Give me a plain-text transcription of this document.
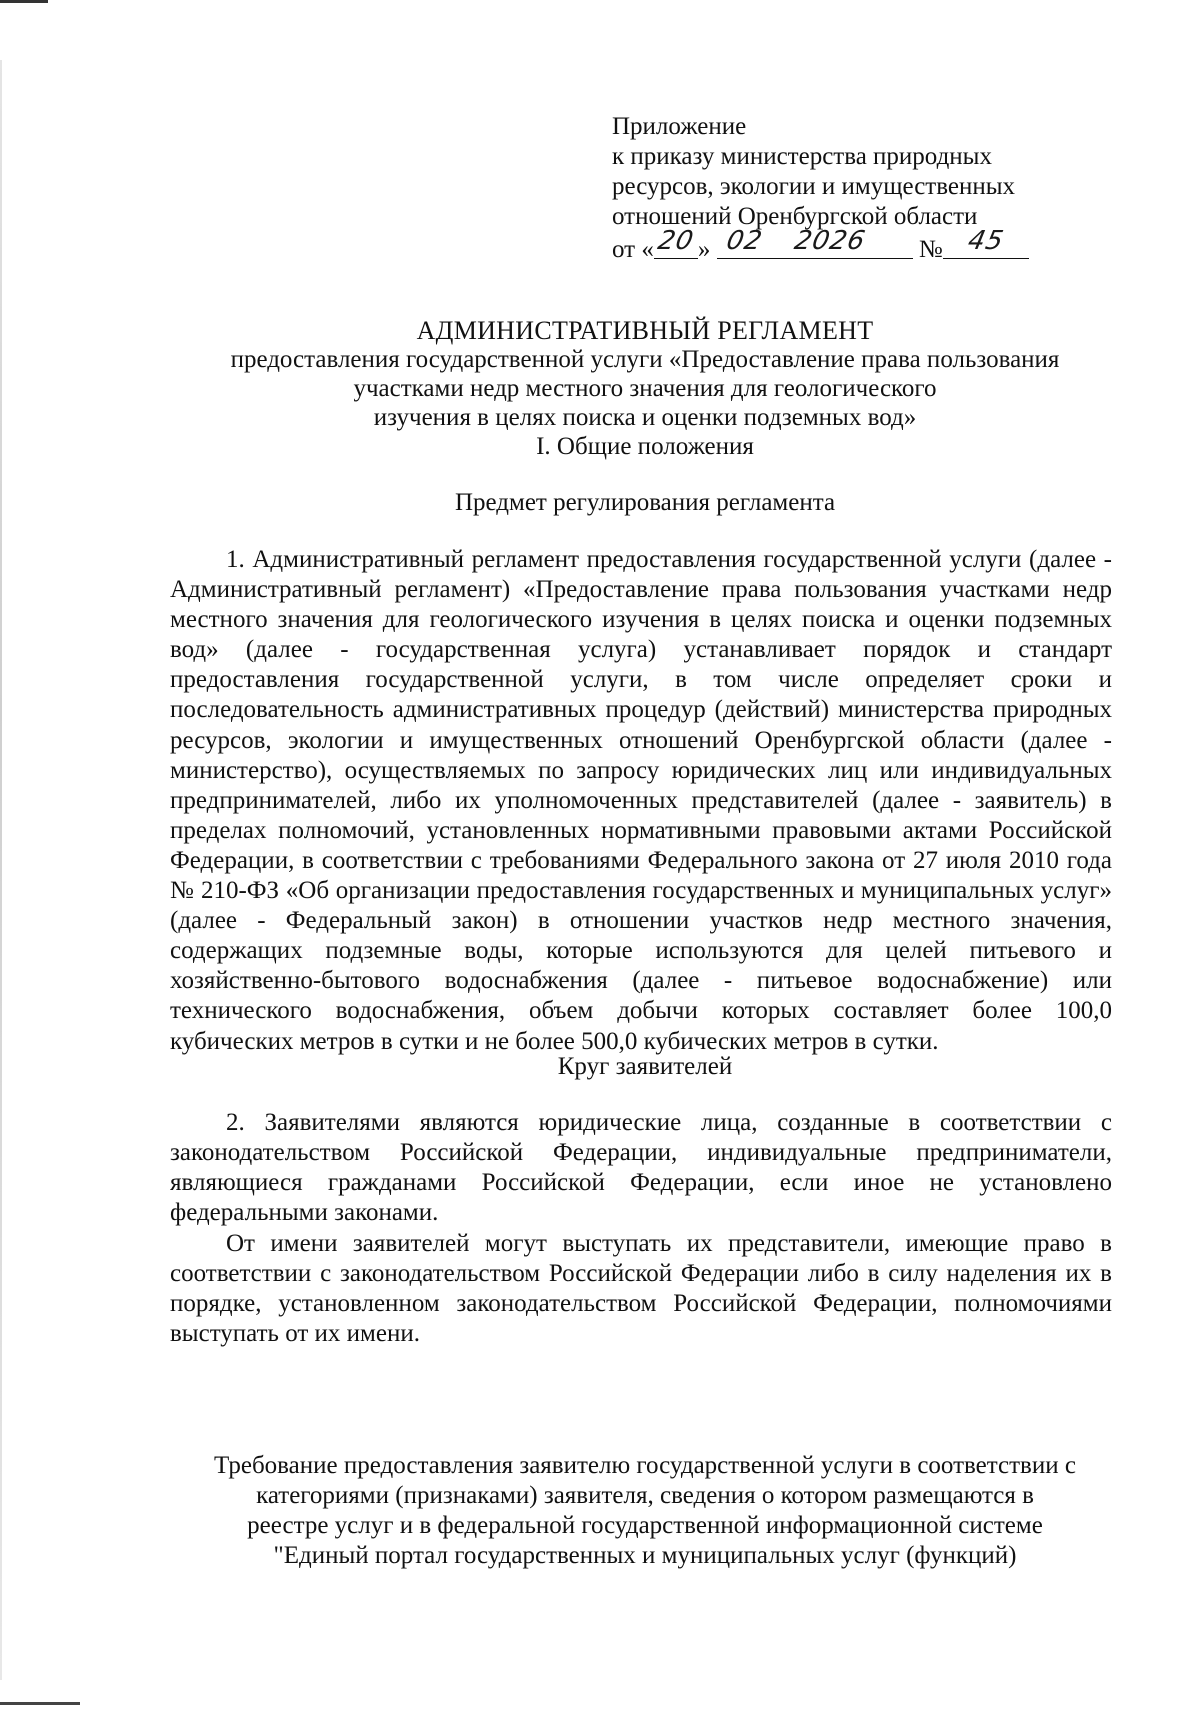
Приложение
к приказу министерства природных
ресурсов, экологии и имущественных
отношений Оренбургской области
от « 20 » 02	2026	№ 45
АДМИНИСТРАТИВНЫЙ РЕГЛАМЕНТ
предоставления государственной услуги «Предоставление права пользования
участками недр местного значения для геологического
изучения в целях поиска и оценки подземных вод»
I. Общие положения
Предмет регулирования регламента
1. Административный регламент предоставления государственной услуги (далее - Административный регламент) «Предоставление права пользования участками недр местного значения для геологического изучения в целях поиска и оценки подземных вод» (далее - государственная услуга) устанавливает порядок и стандарт предоставления государственной услуги, в том числе определяет сроки и последовательность административных процедур (действий) министерства природных ресурсов, экологии и имущественных отношений Оренбургской области (далее - министерство), осуществляемых по запросу юридических лиц или индивидуальных предпринимателей, либо их уполномоченных представителей (далее - заявитель) в пределах полномочий, установленных нормативными правовыми актами Российской Федерации, в соответствии с требованиями Федерального закона от 27 июля 2010 года № 210-ФЗ «Об организации предоставления государственных и муниципальных услуг» (далее - Федеральный закон) в отношении участков недр местного значения, содержащих подземные воды, которые используются для целей питьевого и хозяйственно-бытового водоснабжения (далее - питьевое водоснабжение) или технического водоснабжения, объем добычи которых составляет более 100,0 кубических метров в сутки и не более 500,0 кубических метров в сутки.
Круг заявителей
2. Заявителями являются юридические лица, созданные в соответствии с законодательством Российской Федерации, индивидуальные предприниматели, являющиеся гражданами Российской Федерации, если иное не установлено федеральными законами.
От имени заявителей могут выступать их представители, имеющие право в соответствии с законодательством Российской Федерации либо в силу наделения их в порядке, установленном законодательством Российской Федерации, полномочиями выступать от их имени.
Требование предоставления заявителю государственной услуги в соответствии с
категориями (признаками) заявителя, сведения о котором размещаются в
реестре услуг и в федеральной государственной информационной системе
"Единый портал государственных и муниципальных услуг (функций)
